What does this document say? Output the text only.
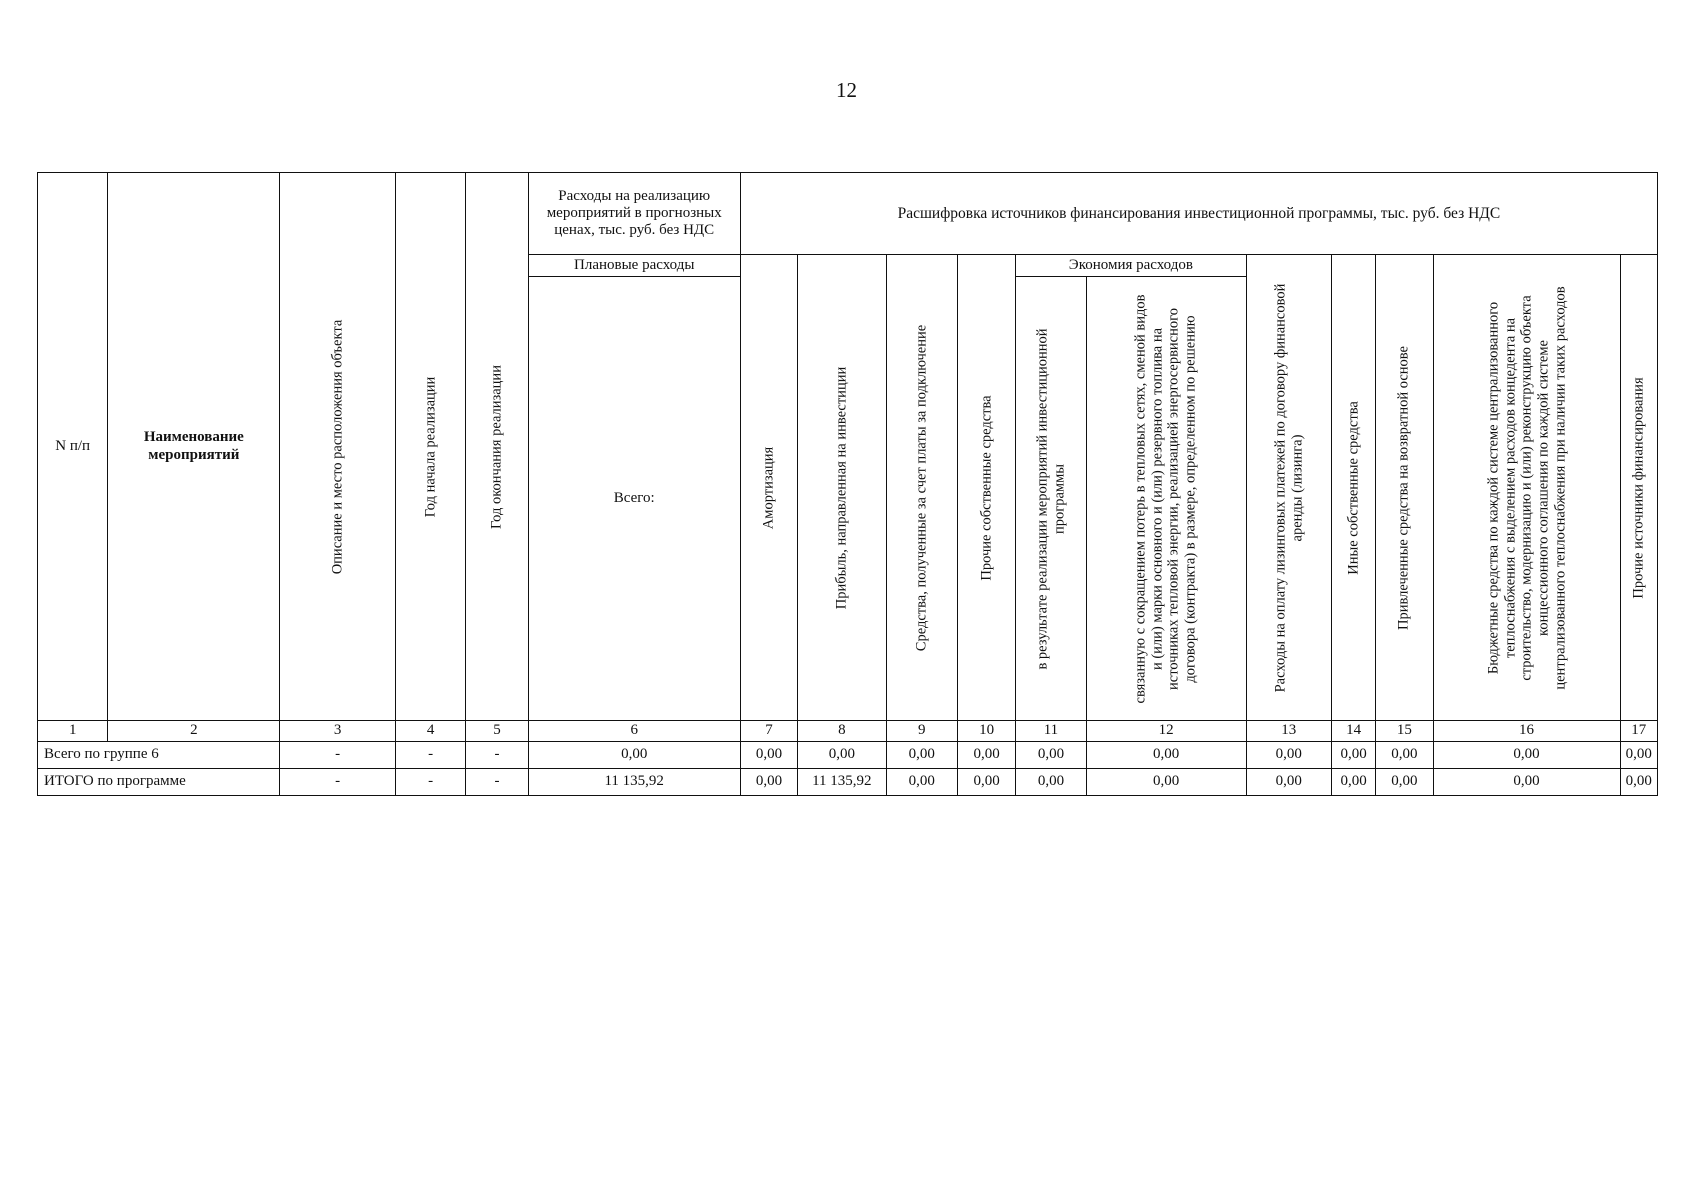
12
N п/п	Наименование мероприятий	Описание и место расположения объекта	Год начала реализации	Год окончания реализации	Расходы на реализацию мероприятий в прогнозных ценах, тыс. руб. без НДС	Расшифровка источников финансирования инвестиционной программы, тыс. руб. без НДС										
					Плановые расходы	Амортизация	Прибыль, направленная на инвестиции	Средства, полученные за счет платы за подключение	Прочие собственные средства	Экономия расходов		Расходы на оплату лизинговых платежей по договору финансовой аренды (лизинга)	Иные собственные средства	Привлеченные средства на возвратной основе	Бюджетные средства по каждой системе централизованного теплоснабжения с выделением расходов концедента на строительство, модернизацию и (или) реконструкцию объекта концессионного соглашения по каждой системе централизованного теплоснабжения при наличии таких расходов	Прочие источники финансирования

					Всего:					в результате реализации мероприятий инвестиционной программы	связанную с сокращением потерь в тепловых сетях, сменой видов и (или) марки основного и (или) резервного топлива на источниках тепловой энергии, реализацией энергосервисного договора (контракта) в размере, определенном по решению					

1	2	3	4	5	6	7	8	9	10	11	12	13	14	15	16	17
Всего по группе 6		-	-	-	0,00	0,00	0,00	0,00	0,00	0,00	0,00	0,00	0,00	0,00	0,00	0,00
ИТОГО по программе		-	-	-	11 135,92	0,00	11 135,92	0,00	0,00	0,00	0,00	0,00	0,00	0,00	0,00	0,00
